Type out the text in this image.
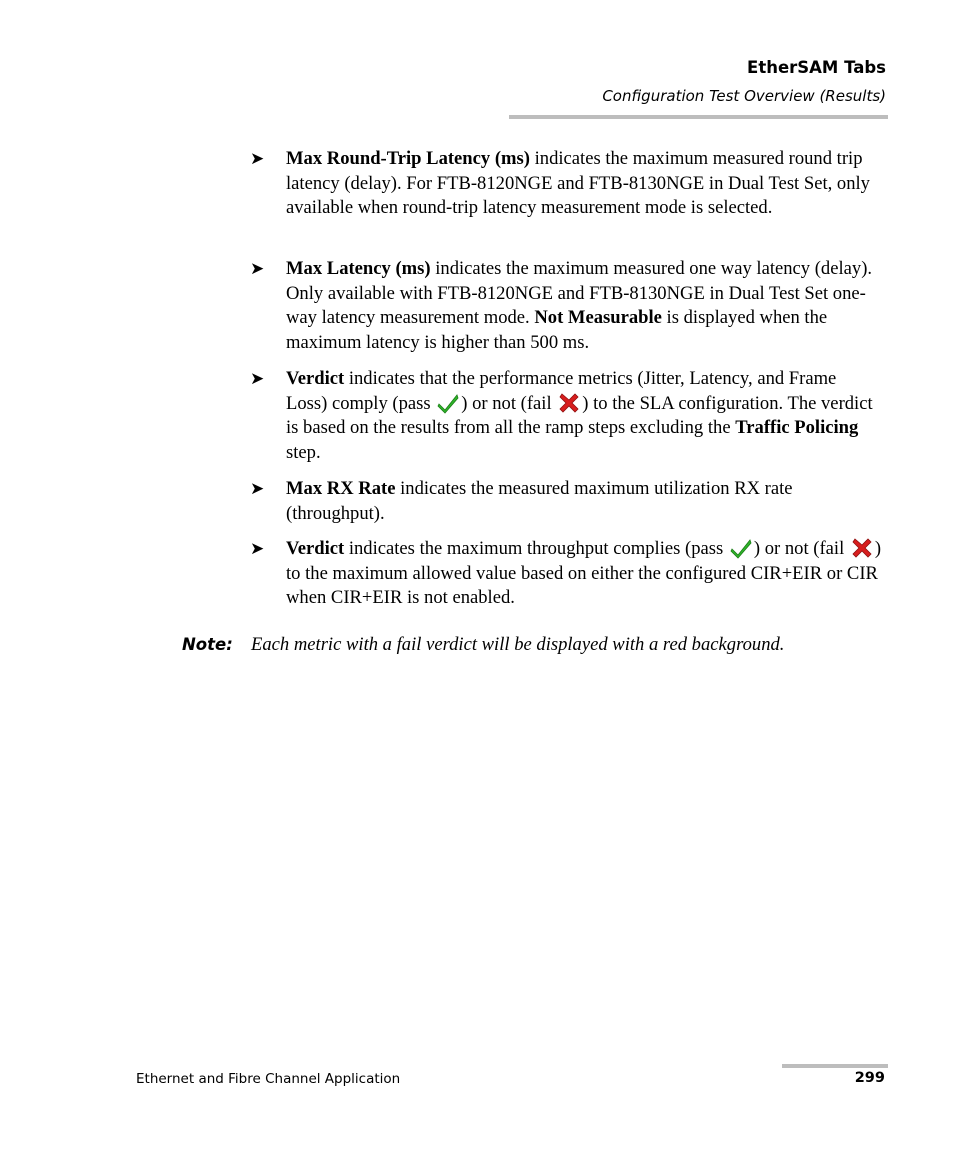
EtherSAM Tabs
Configuration Test Overview (Results)
➤ Max Round-Trip Latency (ms) indicates the maximum measured round trip latency (delay). For FTB-8120NGE and FTB-8130NGE in Dual Test Set, only available when round-trip latency measurement mode is selected.
➤ Max Latency (ms) indicates the maximum measured one way latency (delay). Only available with FTB-8120NGE and FTB-8130NGE in Dual Test Set one-way latency measurement mode. Not Measurable is displayed when the maximum latency is higher than 500 ms.
➤ Verdict indicates that the performance metrics (Jitter, Latency, and Frame Loss) comply (pass ) or not (fail ) to the SLA configuration. The verdict is based on the results from all the ramp steps excluding the Traffic Policing step.
➤ Max RX Rate indicates the measured maximum utilization RX rate (throughput).
➤ Verdict indicates the maximum throughput complies (pass ) or not (fail ) to the maximum allowed value based on either the configured CIR+EIR or CIR when CIR+EIR is not enabled.
Note: Each metric with a fail verdict will be displayed with a red background.
Ethernet and Fibre Channel Application	299
